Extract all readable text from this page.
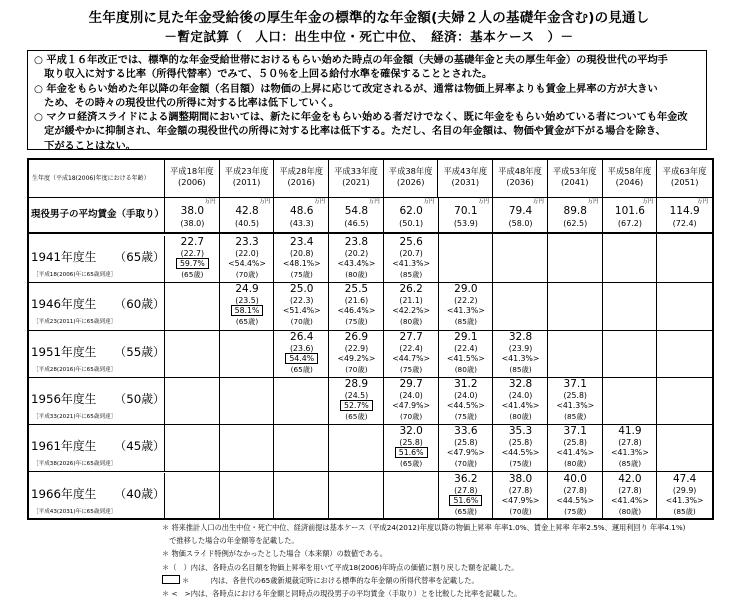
生年度別に見た年金受給後の厚生年金の標準的な年金額(夫婦２人の基礎年金含む)の見通し
－暫定試算（　人口：出生中位・死亡中位、　経済：基本ケース　）－

○ 平成１６年改正では、標準的な年金受給世帯におけるもらい始めた時点の年金額（夫婦の基礎年金と夫の厚生年金）の現役世代の平均手

　取り収入に対する比率（所得代替率）でみて、５０％を上回る給付水準を確保することとされた。

○ 年金をもらい始めた年以降の年金額（名目額）は物価の上昇に応じて改定されるが、通常は物価上昇率よりも賃金上昇率の方が大きい

　ため、その時々の現役世代の所得に対する比率は低下していく。

○ マクロ経済スライドによる調整期間においては、新たに年金をもらい始める者だけでなく、既に年金をもらい始めている者についても年金改

　定が緩やかに抑制され、年金額の現役世代の所得に対する比率は低下する。ただし、名目の年金額は、物価や賃金が下がる場合を除き、

　下がることはない。

生年度（平成18(2006)年度における年齢）
平成18年度
(2006)
平成23年度
(2011)
平成28年度
(2016)
平成33年度
(2021)
平成38年度
(2026)
平成43年度
(2031)
平成48年度
(2036)
平成53年度
(2041)
平成58年度
(2046)
平成63年度
(2051)
現役男子の平均賃金（手取り）
万円
38.0
(38.0)
万円
42.8
(40.5)
万円
48.6
(43.3)
万円
54.8
(46.5)
万円
62.0
(50.1)
万円
70.1
(53.9)
万円
79.4
(58.0)
万円
89.8
(62.5)
万円
101.6
(67.2)
万円
114.9
(72.4)
1941年度生 （65歳）
［平成18(2006)年に65歳到達］
22.7
(22.7)
59.7%
(65歳)
23.3
(22.0)
<54.4%>
(70歳)
23.4
(20.8)
<48.1%>
(75歳)
23.8
(20.2)
<43.4%>
(80歳)
25.6
(20.7)
<41.3%>
(85歳)
1946年度生 （60歳）
［平成23(2011)年に65歳到達］
24.9
(23.5)
58.1%
(65歳)
25.0
(22.3)
<51.4%>
(70歳)
25.5
(21.6)
<46.4%>
(75歳)
26.2
(21.1)
<42.2%>
(80歳)
29.0
(22.2)
<41.3%>
(85歳)
1951年度生 （55歳）
［平成28(2016)年に65歳到達］
26.4
(23.6)
54.4%
(65歳)
26.9
(22.9)
<49.2%>
(70歳)
27.7
(22.4)
<44.7%>
(75歳)
29.1
(22.4)
<41.5%>
(80歳)
32.8
(23.9)
<41.3%>
(85歳)
1956年度生 （50歳）
［平成33(2021)年に65歳到達］
28.9
(24.5)
52.7%
(65歳)
29.7
(24.0)
<47.9%>
(70歳)
31.2
(24.0)
<44.5%>
(75歳)
32.8
(24.0)
<41.4%>
(80歳)
37.1
(25.8)
<41.3%>
(85歳)
1961年度生 （45歳）
［平成38(2026)年に65歳到達］
32.0
(25.8)
51.6%
(65歳)
33.6
(25.8)
<47.9%>
(70歳)
35.3
(25.8)
<44.5%>
(75歳)
37.1
(25.8)
<41.4%>
(80歳)
41.9
(27.8)
<41.3%>
(85歳)
1966年度生 （40歳）
［平成43(2031)年に65歳到達］
36.2
(27.8)
51.6%
(65歳)
38.0
(27.8)
<47.9%>
(70歳)
40.0
(27.8)
<44.5%>
(75歳)
42.0
(27.8)
<41.4%>
(80歳)
47.4
(29.9)
<41.3%>
(85歳)

＊ 将来推計人口の出生中位・死亡中位、経済前提は基本ケース（平成24(2012)年度以降の物価上昇率 年率1.0%、賃金上昇率 年率2.5%、運用利回り 年率4.1%)

　で推移した場合の年金額等を記載した。

＊ 物価スライド特例がなかったとした場合（本来額）の数値である。

＊（　）内は、各時点の名目額を物価上昇率を用いて平成18(2006)年時点の価値に割り戻した額を記載した。

＊　　　内は、各世代の65歳新規裁定時における標準的な年金額の所得代替率を記載した。

＊ <　>内は、各時点における年金額と同時点の現役男子の平均賃金（手取り）とを比較した比率を記載した。
